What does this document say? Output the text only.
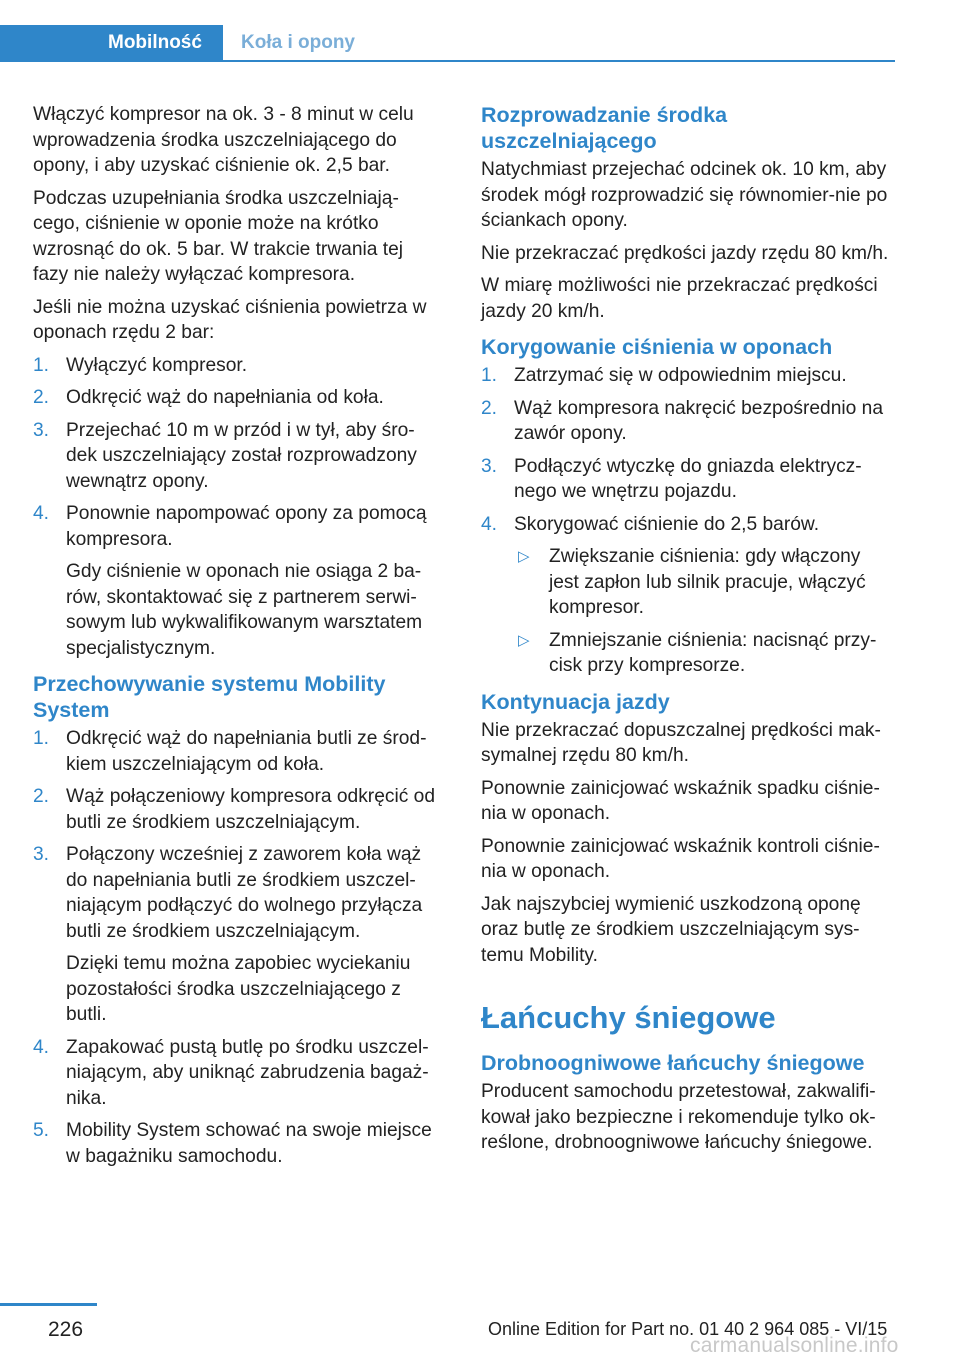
Mobilność	Koła i opony

Włączyć kompresor na ok. 3 - 8 minut w celu wprowadzenia środka uszczelniającego do opony, i aby uzyskać ciśnienie ok. 2,5 bar.

Podczas uzupełniania środka uszczelniają‐cego, ciśnienie w oponie może na krótko wzrosnąć do ok. 5 bar. W trakcie trwania tej fazy nie należy wyłączać kompresora.

Jeśli nie można uzyskać ciśnienia powietrza w oponach rzędu 2 bar:

1. Wyłączyć kompresor.
2. Odkręcić wąż do napełniania od koła.
3. Przejechać 10 m w przód i w tył, aby śro‐dek uszczelniający został rozprowadzony wewnątrz opony.
4. Ponownie napompować opony za pomocą kompresora.

Gdy ciśnienie w oponach nie osiąga 2 ba‐rów, skontaktować się z partnerem serwi‐sowym lub wykwalifikowanym warsztatem specjalistycznym.

Przechowywanie systemu Mobility System
1. Odkręcić wąż do napełniania butli ze środ‐kiem uszczelniającym od koła.
2. Wąż połączeniowy kompresora odkręcić od butli ze środkiem uszczelniającym.
3. Połączony wcześniej z zaworem koła wąż do napełniania butli ze środkiem uszczel‐niającym podłączyć do wolnego przyłącza butli ze środkiem uszczelniającym.

Dzięki temu można zapobiec wyciekaniu pozostałości środka uszczelniającego z butli.

4. Zapakować pustą butlę po środku uszczel‐niającym, aby uniknąć zabrudzenia bagaż‐nika.
5. Mobility System schować na swoje miejsce w bagażniku samochodu.
Rozprowadzanie środka uszczelniającego

Natychmiast przejechać odcinek ok. 10 km, aby środek mógł rozprowadzić się równomier‐nie po ściankach opony.

Nie przekraczać prędkości jazdy rzędu 80 km/h.

W miarę możliwości nie przekraczać prędkości jazdy 20 km/h.

Korygowanie ciśnienia w oponach
1. Zatrzymać się w odpowiednim miejscu.
2. Wąż kompresora nakręcić bezpośrednio na zawór opony.
3. Podłączyć wtyczkę do gniazda elektrycz‐nego we wnętrzu pojazdu.
4. Skorygować ciśnienie do 2,5 barów.
▷ Zwiększanie ciśnienia: gdy włączony jest zapłon lub silnik pracuje, włączyć kompresor.
▷ Zmniejszanie ciśnienia: nacisnąć przy‐cisk przy kompresorze.
Kontynuacja jazdy

Nie przekraczać dopuszczalnej prędkości mak‐symalnej rzędu 80 km/h.

Ponownie zainicjować wskaźnik spadku ciśnie‐nia w oponach.

Ponownie zainicjować wskaźnik kontroli ciśnie‐nia w oponach.

Jak najszybciej wymienić uszkodzoną oponę oraz butlę ze środkiem uszczelniającym sys‐temu Mobility.

Łańcuchy śniegowe
Drobnoogniwowe łańcuchy śniegowe

Producent samochodu przetestował, zakwalifi‐kował jako bezpieczne i rekomenduje tylko ok‐reślone, drobnoogniwowe łańcuchy śniegowe.

226	Online Edition for Part no. 01 40 2 964 085 - VI/15
carmanualsonline.info
